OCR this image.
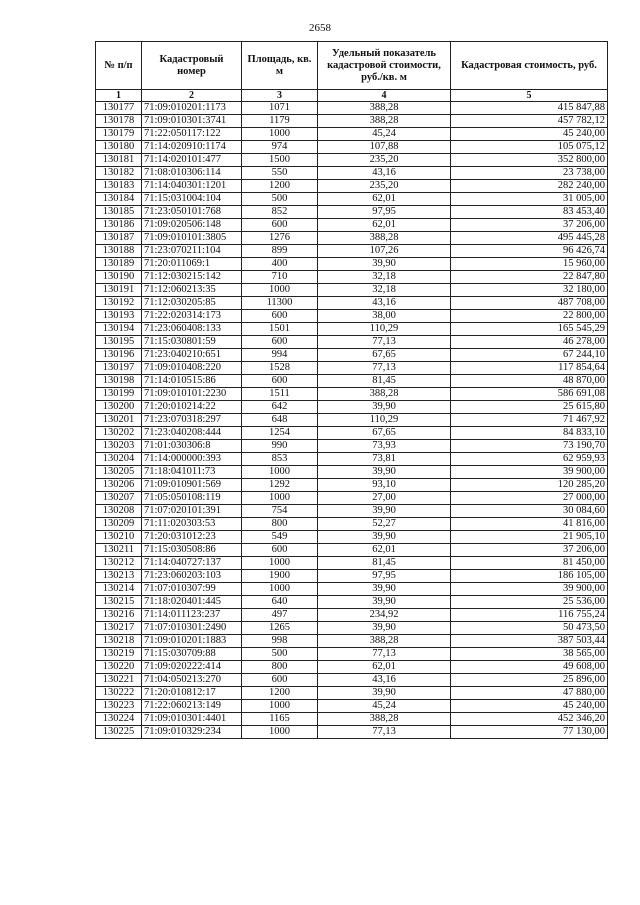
2658
№ п/п	Кадастровый номер	Площадь, кв. м	Удельный показатель кадастровой стоимости, руб./кв. м	Кадастровая стоимость, руб.
1	2	3	4	5
130177	71:09:010201:1173	1071	388,28	415 847,88
130178	71:09:010301:3741	1179	388,28	457 782,12
130179	71:22:050117:122	1000	45,24	45 240,00
130180	71:14:020910:1174	974	107,88	105 075,12
130181	71:14:020101:477	1500	235,20	352 800,00
130182	71:08:010306:114	550	43,16	23 738,00
130183	71:14:040301:1201	1200	235,20	282 240,00
130184	71:15:031004:104	500	62,01	31 005,00
130185	71:23:050101:768	852	97,95	83 453,40
130186	71:09:020506:148	600	62,01	37 206,00
130187	71:09:010101:3805	1276	388,28	495 445,28
130188	71:23:070211:104	899	107,26	96 426,74
130189	71:20:011069:1	400	39,90	15 960,00
130190	71:12:030215:142	710	32,18	22 847,80
130191	71:12:060213:35	1000	32,18	32 180,00
130192	71:12:030205:85	11300	43,16	487 708,00
130193	71:22:020314:173	600	38,00	22 800,00
130194	71:23:060408:133	1501	110,29	165 545,29
130195	71:15:030801:59	600	77,13	46 278,00
130196	71:23:040210:651	994	67,65	67 244,10
130197	71:09:010408:220	1528	77,13	117 854,64
130198	71:14:010515:86	600	81,45	48 870,00
130199	71:09:010101:2230	1511	388,28	586 691,08
130200	71:20:010214:22	642	39,90	25 615,80
130201	71:23:070318:297	648	110,29	71 467,92
130202	71:23:040208:444	1254	67,65	84 833,10
130203	71:01:030306:8	990	73,93	73 190,70
130204	71:14:000000:393	853	73,81	62 959,93
130205	71:18:041011:73	1000	39,90	39 900,00
130206	71:09:010901:569	1292	93,10	120 285,20
130207	71:05:050108:119	1000	27,00	27 000,00
130208	71:07:020101:391	754	39,90	30 084,60
130209	71:11:020303:53	800	52,27	41 816,00
130210	71:20:031012:23	549	39,90	21 905,10
130211	71:15:030508:86	600	62,01	37 206,00
130212	71:14:040727:137	1000	81,45	81 450,00
130213	71:23:060203:103	1900	97,95	186 105,00
130214	71:07:010307:99	1000	39,90	39 900,00
130215	71:18:020401:445	640	39,90	25 536,00
130216	71:14:011123:237	497	234,92	116 755,24
130217	71:07:010301:2490	1265	39,90	50 473,50
130218	71:09:010201:1883	998	388,28	387 503,44
130219	71:15:030709:88	500	77,13	38 565,00
130220	71:09:020222:414	800	62,01	49 608,00
130221	71:04:050213:270	600	43,16	25 896,00
130222	71:20:010812:17	1200	39,90	47 880,00
130223	71:22:060213:149	1000	45,24	45 240,00
130224	71:09:010301:4401	1165	388,28	452 346,20
130225	71:09:010329:234	1000	77,13	77 130,00
